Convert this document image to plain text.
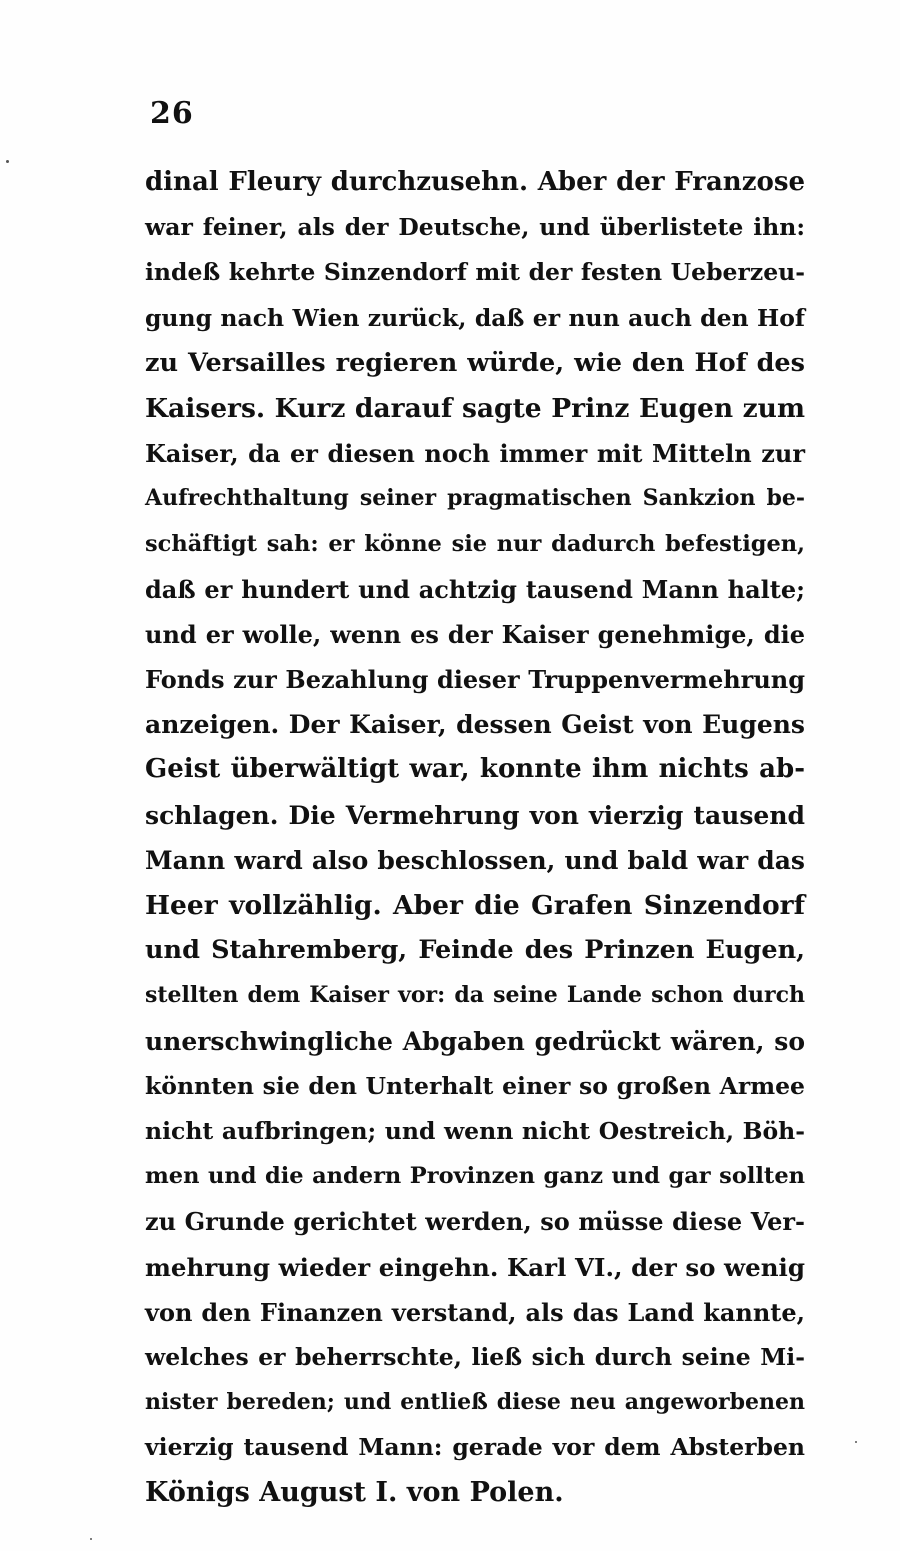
26
dinal Fleury durchzusehn. Aber der Franzose
war feiner, als der Deutsche, und überlistete ihn:
indeß kehrte Sinzendorf mit der festen Ueberzeu-
gung nach Wien zurück, daß er nun auch den Hof
zu Versailles regieren würde, wie den Hof des
Kaisers. Kurz darauf sagte Prinz Eugen zum
Kaiser, da er diesen noch immer mit Mitteln zur
Aufrechthaltung seiner pragmatischen Sankzion be-
schäftigt sah: er könne sie nur dadurch befestigen,
daß er hundert und achtzig tausend Mann halte;
und er wolle, wenn es der Kaiser genehmige, die
Fonds zur Bezahlung dieser Truppenvermehrung
anzeigen. Der Kaiser, dessen Geist von Eugens
Geist überwältigt war, konnte ihm nichts ab-
schlagen. Die Vermehrung von vierzig tausend
Mann ward also beschlossen, und bald war das
Heer vollzählig. Aber die Grafen Sinzendorf
und Stahremberg, Feinde des Prinzen Eugen,
stellten dem Kaiser vor: da seine Lande schon durch
unerschwingliche Abgaben gedrückt wären, so
könnten sie den Unterhalt einer so großen Armee
nicht aufbringen; und wenn nicht Oestreich, Böh-
men und die andern Provinzen ganz und gar sollten
zu Grunde gerichtet werden, so müsse diese Ver-
mehrung wieder eingehn. Karl VI., der so wenig
von den Finanzen verstand, als das Land kannte,
welches er beherrschte, ließ sich durch seine Mi-
nister bereden; und entließ diese neu angeworbenen
vierzig tausend Mann: gerade vor dem Absterben
Königs August I. von Polen.
